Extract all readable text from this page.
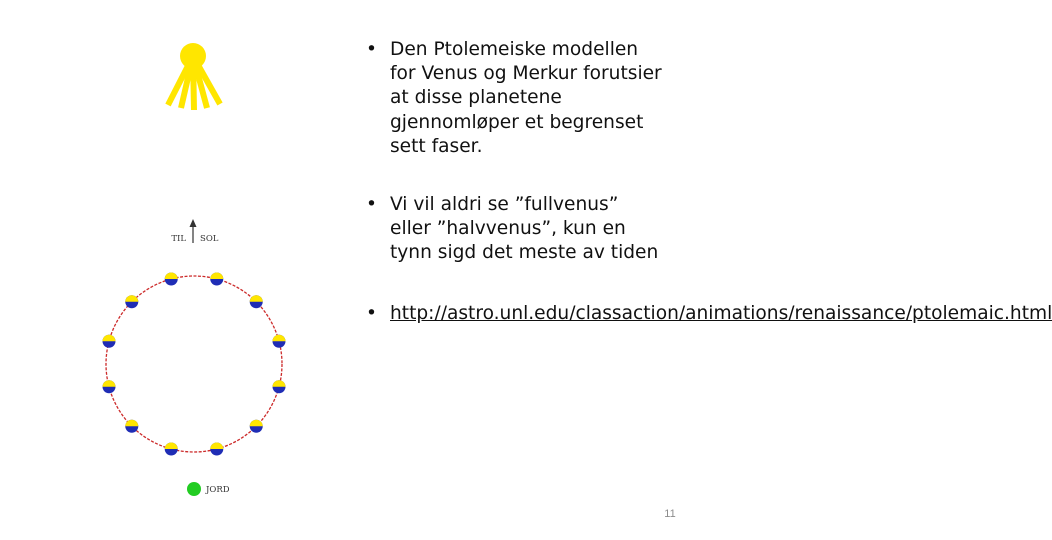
TIL SOL
JORD
• Den Ptolemeiske modellen for Venus og Merkur forutsier at disse planetene gjennomløper et begrenset sett faser.
• Vi vil aldri se ”fullvenus” eller ”halvvenus”, kun en tynn sigd det meste av tiden
• http://astro.unl.edu/classaction/animations/renaissance/ptolemaic.html
11
